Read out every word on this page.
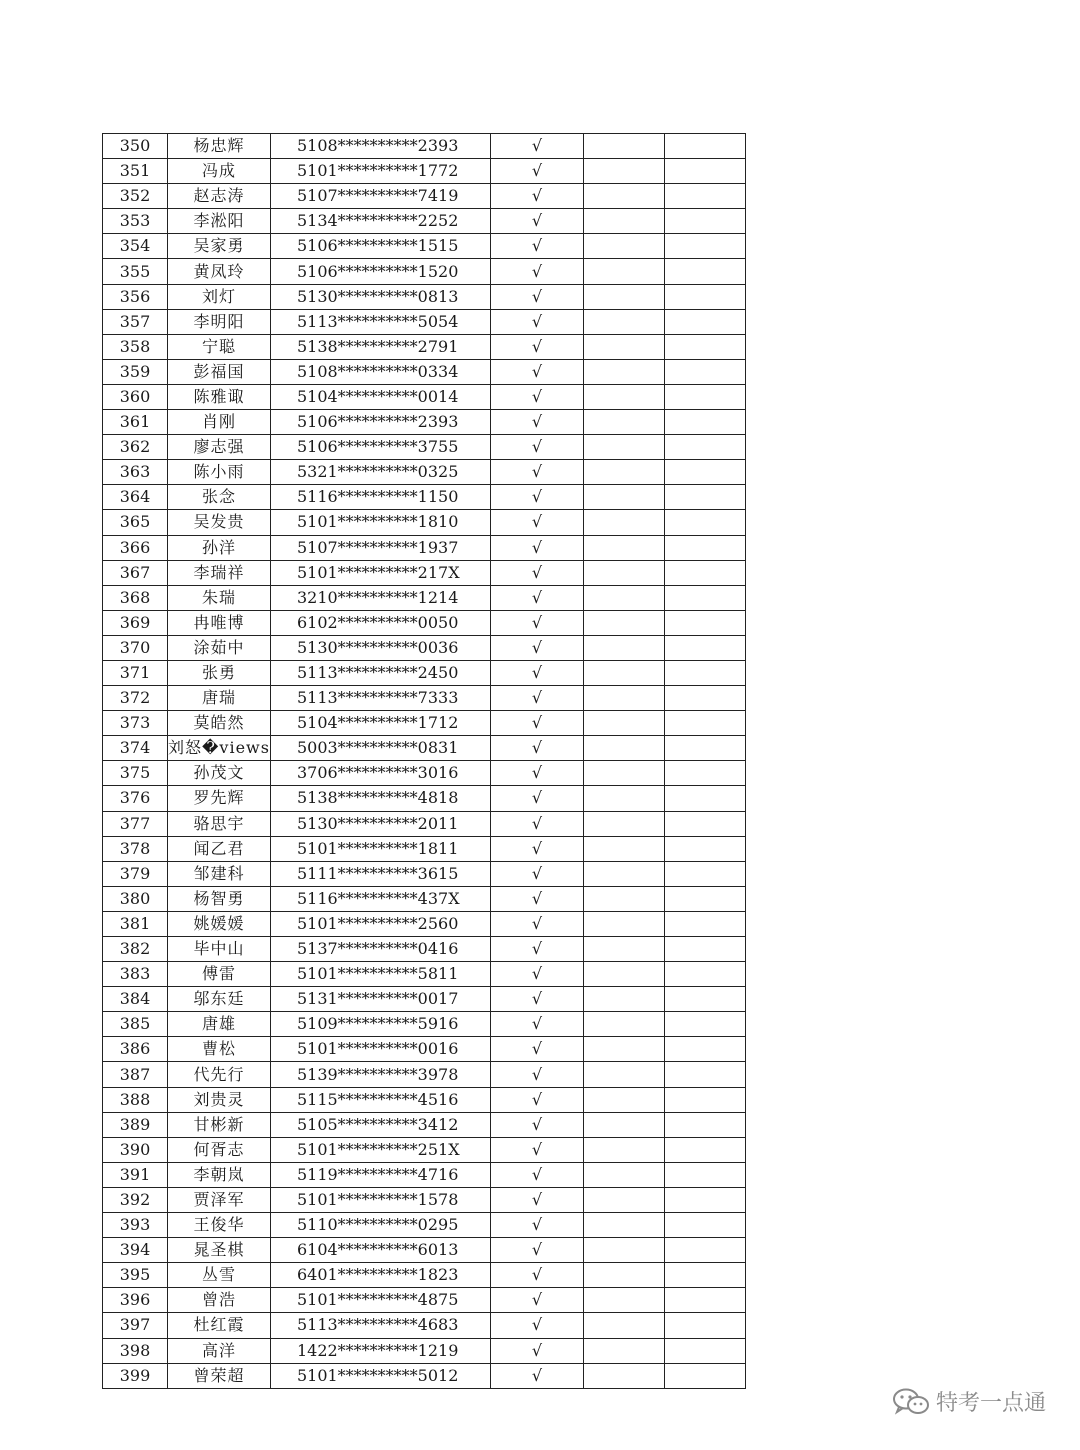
350	杨忠辉	5108**********2393	√		
351	冯成	5101**********1772	√		
352	赵志涛	5107**********7419	√		
353	李淞阳	5134**********2252	√		
354	吴家勇	5106**********1515	√		
355	黄凤玲	5106**********1520	√		
356	刘灯	5130**********0813	√		
357	李明阳	5113**********5054	√		
358	宁聪	5138**********2791	√		
359	彭福国	5108**********0334	√		
360	陈雅诹	5104**********0014	√		
361	肖刚	5106**********2393	√		
362	廖志强	5106**********3755	√		
363	陈小雨	5321**********0325	√		
364	张念	5116**********1150	√		
365	吴发贵	5101**********1810	√		
366	孙洋	5107**********1937	√		
367	李瑞祥	5101**********217X	√		
368	朱瑞	3210**********1214	√		
369	冉唯博	6102**********0050	√		
370	涂茹中	5130**********0036	√		
371	张勇	5113**********2450	√		
372	唐瑞	5113**********7333	√		
373	莫皓然	5104**********1712	√		
374	刘怒�views	5003**********0831	√		
375	孙茂文	3706**********3016	√		
376	罗先辉	5138**********4818	√		
377	骆思宇	5130**********2011	√		
378	闻乙君	5101**********1811	√		
379	邹建科	5111**********3615	√		
380	杨智勇	5116**********437X	√		
381	姚媛媛	5101**********2560	√		
382	毕中山	5137**********0416	√		
383	傅雷	5101**********5811	√		
384	邬东廷	5131**********0017	√		
385	唐雄	5109**********5916	√		
386	曹松	5101**********0016	√		
387	代先行	5139**********3978	√		
388	刘贵灵	5115**********4516	√		
389	甘彬新	5105**********3412	√		
390	何胥志	5101**********251X	√		
391	李朝岚	5119**********4716	√		
392	贾泽军	5101**********1578	√		
393	王俊华	5110**********0295	√		
394	晁圣棋	6104**********6013	√		
395	丛雪	6401**********1823	√		
396	曾浩	5101**********4875	√		
397	杜红霞	5113**********4683	√		
398	高洋	1422**********1219	√		
399	曾荣超	5101**********5012	√		
特考一点通
